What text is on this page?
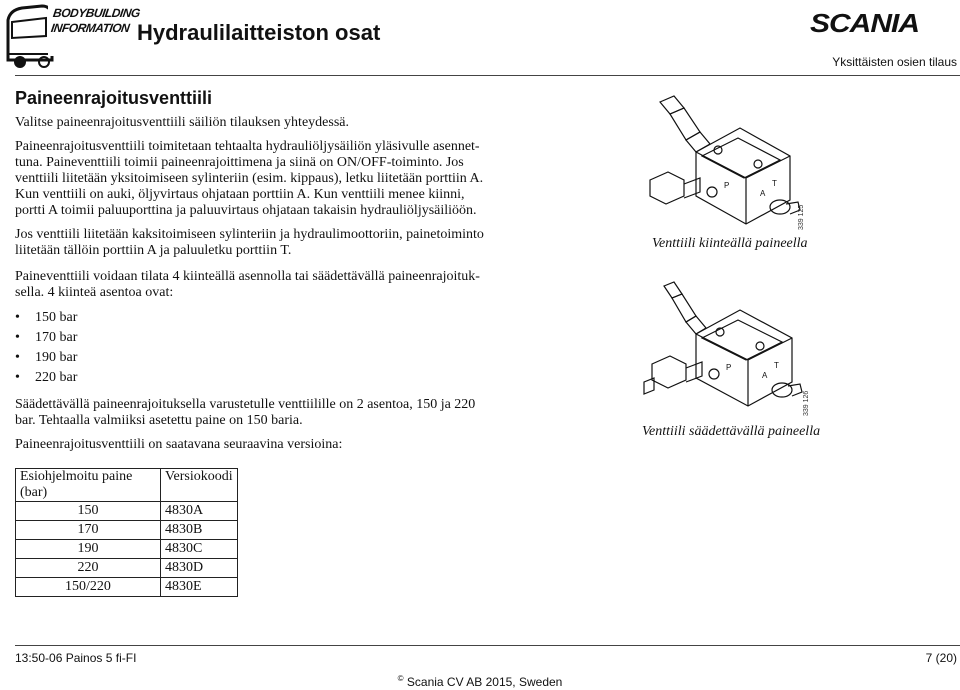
BODYBUILDING
INFORMATION Hydraulilaitteiston osat	SCANIA
Yksittäisten osien tilaus
Paineenrajoitusventtiili
Valitse paineenrajoitusventtiili säiliön tilauksen yhteydessä.
Paineenrajoitusventtiili toimitetaan tehtaalta hydrauliöljysäiliön yläsivulle asennet-tuna. Paineventtiili toimii paineenrajoittimena ja siinä on ON/OFF-toiminto. Jos venttiili liitetään yksitoimiseen sylinteriin (esim. kippaus), letku liitetään porttiin A. Kun venttiili on auki, öljyvirtaus ohjataan porttiin A. Kun venttiili menee kiinni, portti A toimii paluuporttina ja paluuvirtaus ohjataan takaisin hydrauliöljysäiliöön.
Jos venttiili liitetään kaksitoimiseen sylinteriin ja hydraulimoottoriin, painetoiminto liitetään tällöin porttiin A ja paluuletku porttiin T.
Paineventtiili voidaan tilata 4 kiinteällä asennolla tai säädettävällä paineenrajoituk-sella. 4 kiinteä asentoa ovat:
• 150 bar
• 170 bar
• 190 bar
• 220 bar
Säädettävällä paineenrajoituksella varustetulle venttiilille on 2 asentoa, 150 ja 220 bar. Tehtaalla valmiiksi asetettu paine on 150 baria.
Paineenrajoitusventtiili on saatavana seuraavina versioina:
Esiohjelmoitu paine (bar)	Versiokoodi
150	4830A
170	4830B
190	4830C
220	4830D
150/220	4830E
P
A
T
339 125
Venttiili kiinteällä paineella
P
A
T
339 126
Venttiili säädettävällä paineella
13:50-06 Painos 5 fi-FI	7 (20)
© Scania CV AB 2015, Sweden
